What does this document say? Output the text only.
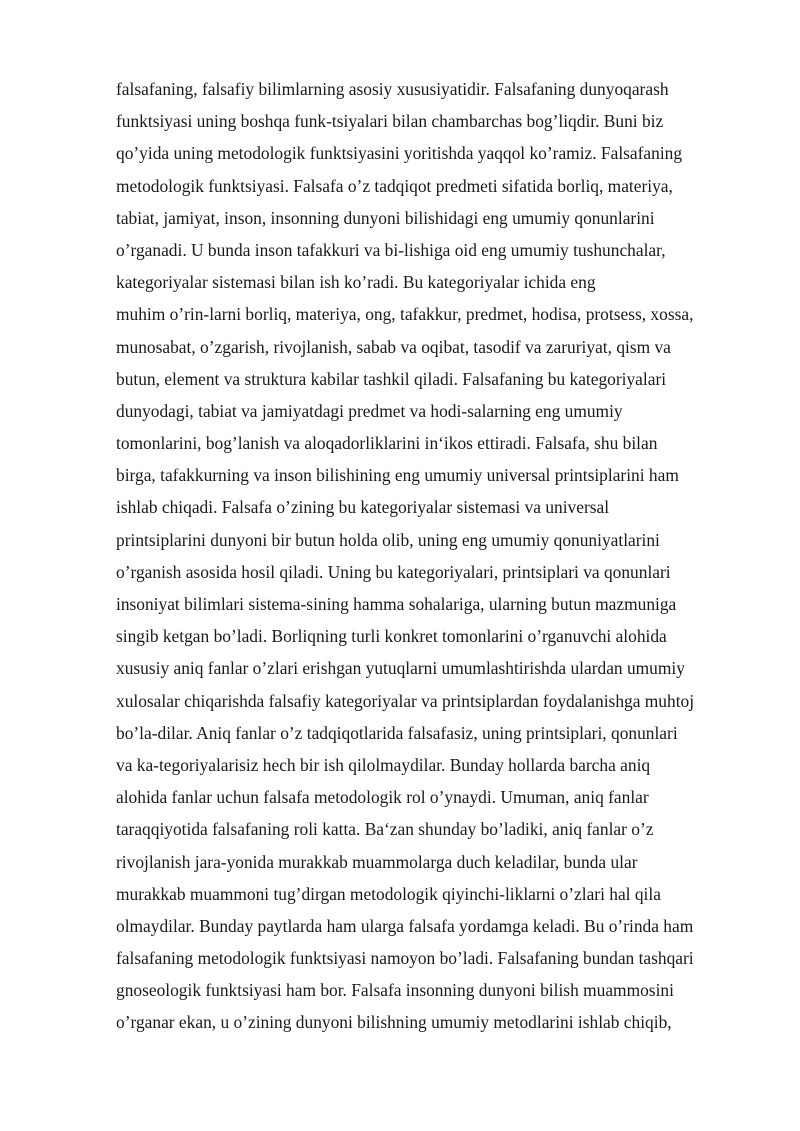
falsafaning, falsafiy bilimlarning asosiy xususiyatidir. Falsafaning dunyoqarash
funktsiyasi uning boshqa funk-tsiyalari bilan chambarchas bog’liqdir. Buni biz
qo’yida uning metodologik funktsiyasini yoritishda yaqqol ko’ramiz. Falsafaning
metodologik funktsiyasi. Falsafa o’z tadqiqot predmeti sifatida borliq, materiya,
tabiat, jamiyat, inson, insonning dunyoni bilishidagi eng umumiy qonunlarini
o’rganadi. U bunda inson tafakkuri va bi-lishiga oid eng umumiy tushunchalar,
kategoriyalar sistemasi bilan ish ko’radi. Bu kategoriyalar ichida eng
muhim o’rin-larni borliq, materiya, ong, tafakkur, predmet, hodisa, protsess, xossa,
munosabat, o’zgarish, rivojlanish, sabab va oqibat, tasodif va zaruriyat, qism va
butun, element va struktura kabilar tashkil qiladi. Falsafaning bu kategoriyalari
dunyodagi, tabiat va jamiyatdagi predmet va hodi-salarning eng umumiy
tomonlarini, bog’lanish va aloqadorliklarini in‘ikos ettiradi. Falsafa, shu bilan
birga, tafakkurning va inson bilishining eng umumiy universal printsiplarini ham
ishlab chiqadi. Falsafa o’zining bu kategoriyalar sistemasi va universal
printsiplarini dunyoni bir butun holda olib, uning eng umumiy qonuniyatlarini
o’rganish asosida hosil qiladi. Uning bu kategoriyalari, printsiplari va qonunlari
insoniyat bilimlari sistema-sining hamma sohalariga, ularning butun mazmuniga
singib ketgan bo’ladi. Borliqning turli konkret tomonlarini o’rganuvchi alohida
xususiy aniq fanlar o’zlari erishgan yutuqlarni umumlashtirishda ulardan umumiy
xulosalar chiqarishda falsafiy kategoriyalar va printsiplardan foydalanishga muhtoj
bo’la-dilar. Aniq fanlar o’z tadqiqotlarida falsafasiz, uning printsiplari, qonunlari
va ka-tegoriyalarisiz hech bir ish qilolmaydilar. Bunday hollarda barcha aniq
alohida fanlar uchun falsafa metodologik rol o’ynaydi. Umuman, aniq fanlar
taraqqiyotida falsafaning roli katta. Ba‘zan shunday bo’ladiki, aniq fanlar o’z
rivojlanish jara-yonida murakkab muammolarga duch keladilar, bunda ular
murakkab muammoni tug’dirgan metodologik qiyinchi-liklarni o’zlari hal qila
olmaydilar. Bunday paytlarda ham ularga falsafa yordamga keladi. Bu o’rinda ham
falsafaning metodologik funktsiyasi namoyon bo’ladi. Falsafaning bundan tashqari
gnoseologik funktsiyasi ham bor. Falsafa insonning dunyoni bilish muammosini
o’rganar ekan, u o’zining dunyoni bilishning umumiy metodlarini ishlab chiqib,
